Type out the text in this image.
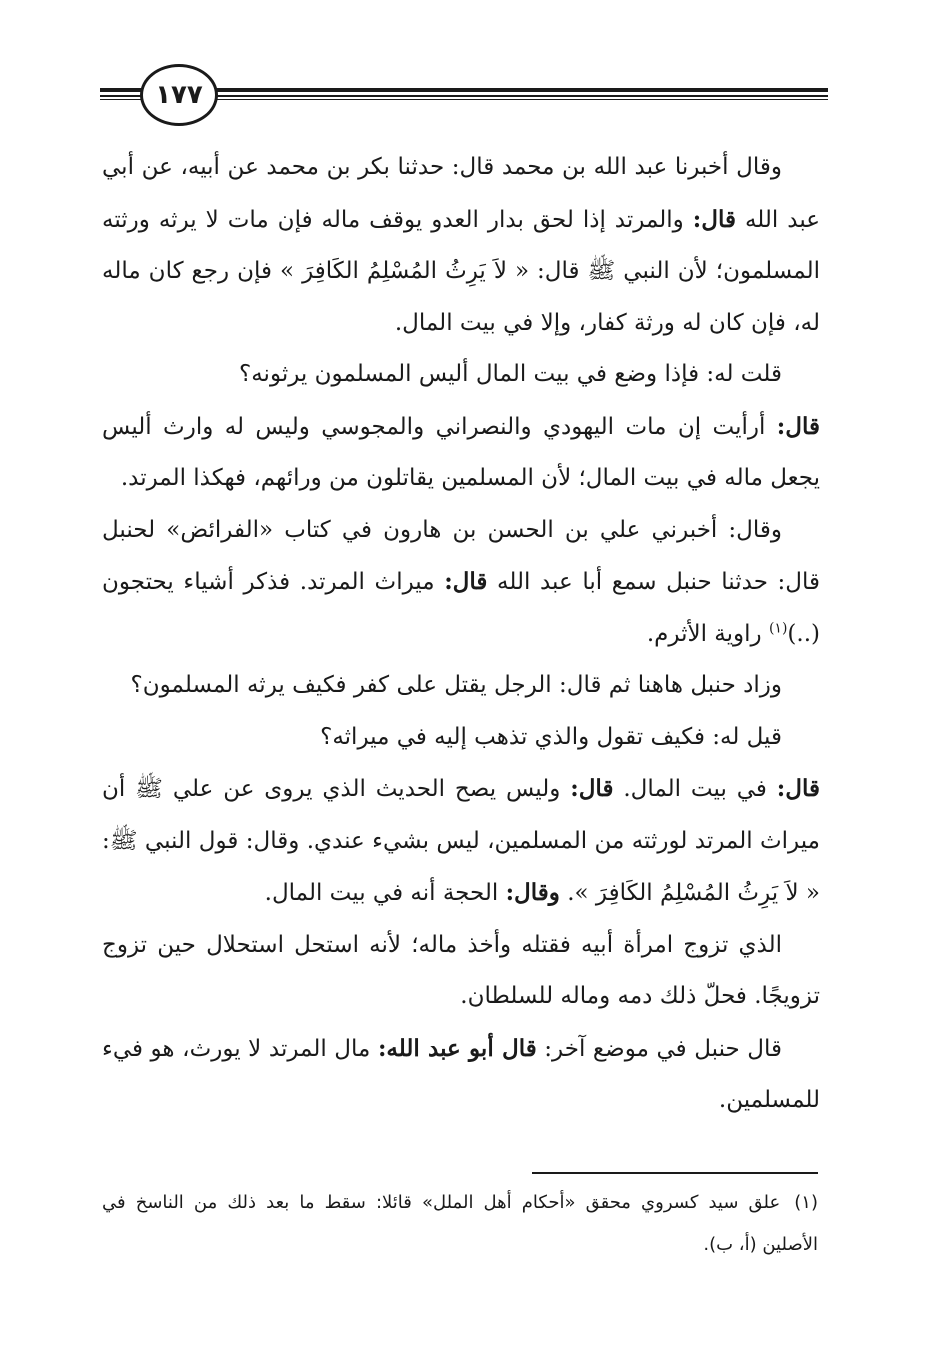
١٧٧

وقال أخبرنا عبد الله بن محمد قال: حدثنا بكر بن محمد عن أبيه، عن أبي عبد الله قال: والمرتد إذا لحق بدار العدو يوقف ماله فإن مات لا يرثه ورثته المسلمون؛ لأن النبي ﷺ قال: « لاَ يَرِثُ المُسْلِمُ الكَافِرَ » فإن رجع كان ماله له، فإن كان له ورثة كفار، وإلا في بيت المال.

قلت له: فإذا وضع في بيت المال أليس المسلمون يرثونه؟

قال: أرأيت إن مات اليهودي والنصراني والمجوسي وليس له وارث أليس يجعل ماله في بيت المال؛ لأن المسلمين يقاتلون من ورائهم، فهكذا المرتد.

وقال: أخبرني علي بن الحسن بن هارون في كتاب «الفرائض» لحنبل قال: حدثنا حنبل سمع أبا عبد الله قال: ميراث المرتد. فذكر أشياء يحتجون (..)$^{(١)}$ راوية الأثرم.

وزاد حنبل هاهنا ثم قال: الرجل يقتل على كفر فكيف يرثه المسلمون؟

قيل له: فكيف تقول والذي تذهب إليه في ميراثه؟

قال: في بيت المال. قال: وليس يصح الحديث الذي يروى عن علي ﷺ أن ميراث المرتد لورثته من المسلمين، ليس بشيء عندي. وقال: قول النبي ﷺ: « لاَ يَرِثُ المُسْلِمُ الكَافِرَ ». وقال: الحجة أنه في بيت المال.

الذي تزوج امرأة أبيه فقتله وأخذ ماله؛ لأنه استحل استحلال حين تزوج تزويجًا. فحلّ ذلك دمه وماله للسلطان.

قال حنبل في موضع آخر: قال أبو عبد الله: مال المرتد لا يورث، هو فيء للمسلمين.

(١)علق سيد كسروي محقق «أحكام أهل الملل» قائلا: سقط ما بعد ذلك من الناسخ في الأصلين (أ، ب).
